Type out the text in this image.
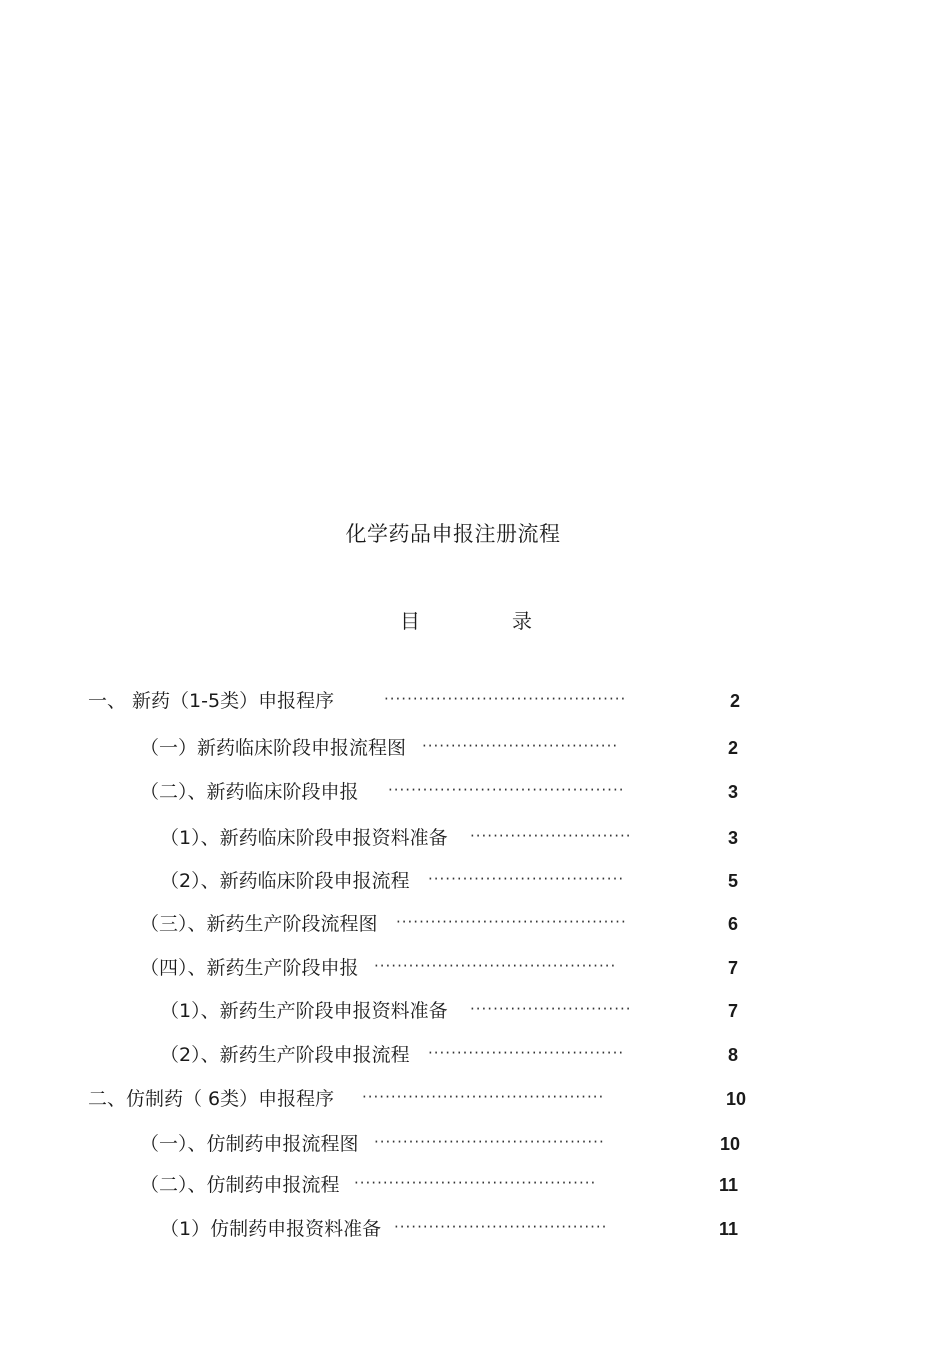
化学药品申报注册流程
目	录
一、 新药（1-5类）申报程序	··········································	2
（一）新药临床阶段申报流程图 ··································	2
（二）、新药临床阶段申报 ·········································	3
（1）、新药临床阶段申报资料准备 ····························	3
（2）、新药临床阶段申报流程 ··································	5
（三）、新药生产阶段流程图 ········································	6
（四）、新药生产阶段申报 ··········································	7
（1）、新药生产阶段申报资料准备 ····························	7
（2）、新药生产阶段申报流程 ··································	8
二、仿制药（ 6类）申报程序 ··········································	10
（一）、仿制药申报流程图 ········································	10
（二）、仿制药申报流程 ··········································	11
（1）仿制药申报资料准备 ·····································	11
